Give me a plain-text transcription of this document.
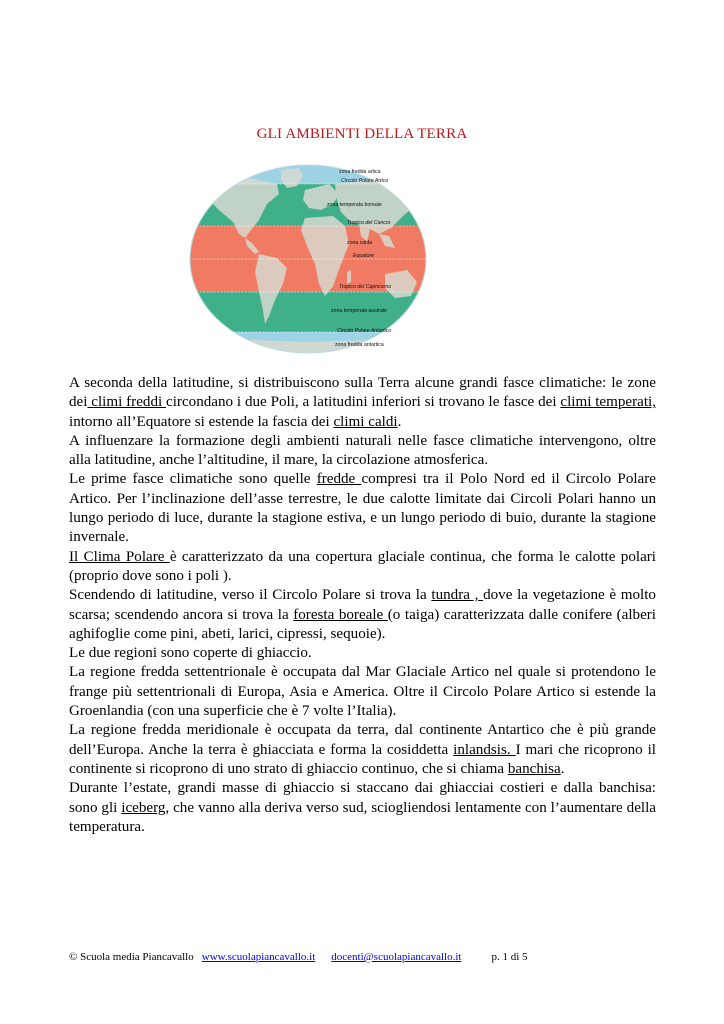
GLI AMBIENTI DELLA TERRA
zona fredda artica
Circolo Polare Artico
zona temperata boreale
Tropico del Cancro
zona calda
Equatore
Tropico del Capricorno
zona temperata australe
Circolo Polare Antartico
zona fredda antartica

A seconda della latitudine, si distribuiscono sulla Terra alcune grandi fasce climatiche: le zone dei climi freddi circondano i due Poli, a latitudini inferiori si trovano le fasce dei climi temperati, intorno all’Equatore si estende la fascia dei climi caldi.

A influenzare la formazione degli ambienti naturali nelle fasce climatiche intervengono, oltre alla latitudine, anche l’altitudine, il mare, la circolazione atmosferica.

Le prime fasce climatiche sono quelle fredde compresi tra il Polo Nord ed il Circolo Polare Artico. Per l’inclinazione dell’asse terrestre, le due calotte limitate dai Circoli Polari hanno un lungo periodo di luce, durante la stagione estiva, e un lungo periodo di buio, durante la stagione invernale.

Il Clima Polare è caratterizzato da una copertura glaciale continua, che forma le calotte polari (proprio dove sono i poli ).

Scendendo di latitudine, verso il Circolo Polare si trova la tundra , dove la vegetazione è molto scarsa; scendendo ancora si trova la foresta boreale (o taiga) caratterizzata dalle conifere (alberi aghifoglie come pini, abeti, larici, cipressi, sequoie).

Le due regioni sono coperte di ghiaccio.

La regione fredda settentrionale è occupata dal Mar Glaciale Artico nel quale si protendono le frange più settentrionali di Europa, Asia e America. Oltre il Circolo Polare Artico si estende la Groenlandia (con una superficie che è 7 volte l’Italia).

La regione fredda meridionale è occupata da terra, dal continente Antartico che è più grande dell’Europa. Anche la terra è ghiacciata e forma la cosiddetta inlandsis. I mari che ricoprono il continente si ricoprono di uno strato di ghiaccio continuo, che si chiama banchisa.

Durante l’estate, grandi masse di ghiaccio si staccano dai ghiacciai costieri e dalla banchisa: sono gli iceberg, che vanno alla deriva verso sud, sciogliendosi lentamente con l’aumentare della temperatura.

© Scuola media Piancavallo www.scuolapiancavallo.it docenti@scuolapiancavallo.it	p. 1 di 5
